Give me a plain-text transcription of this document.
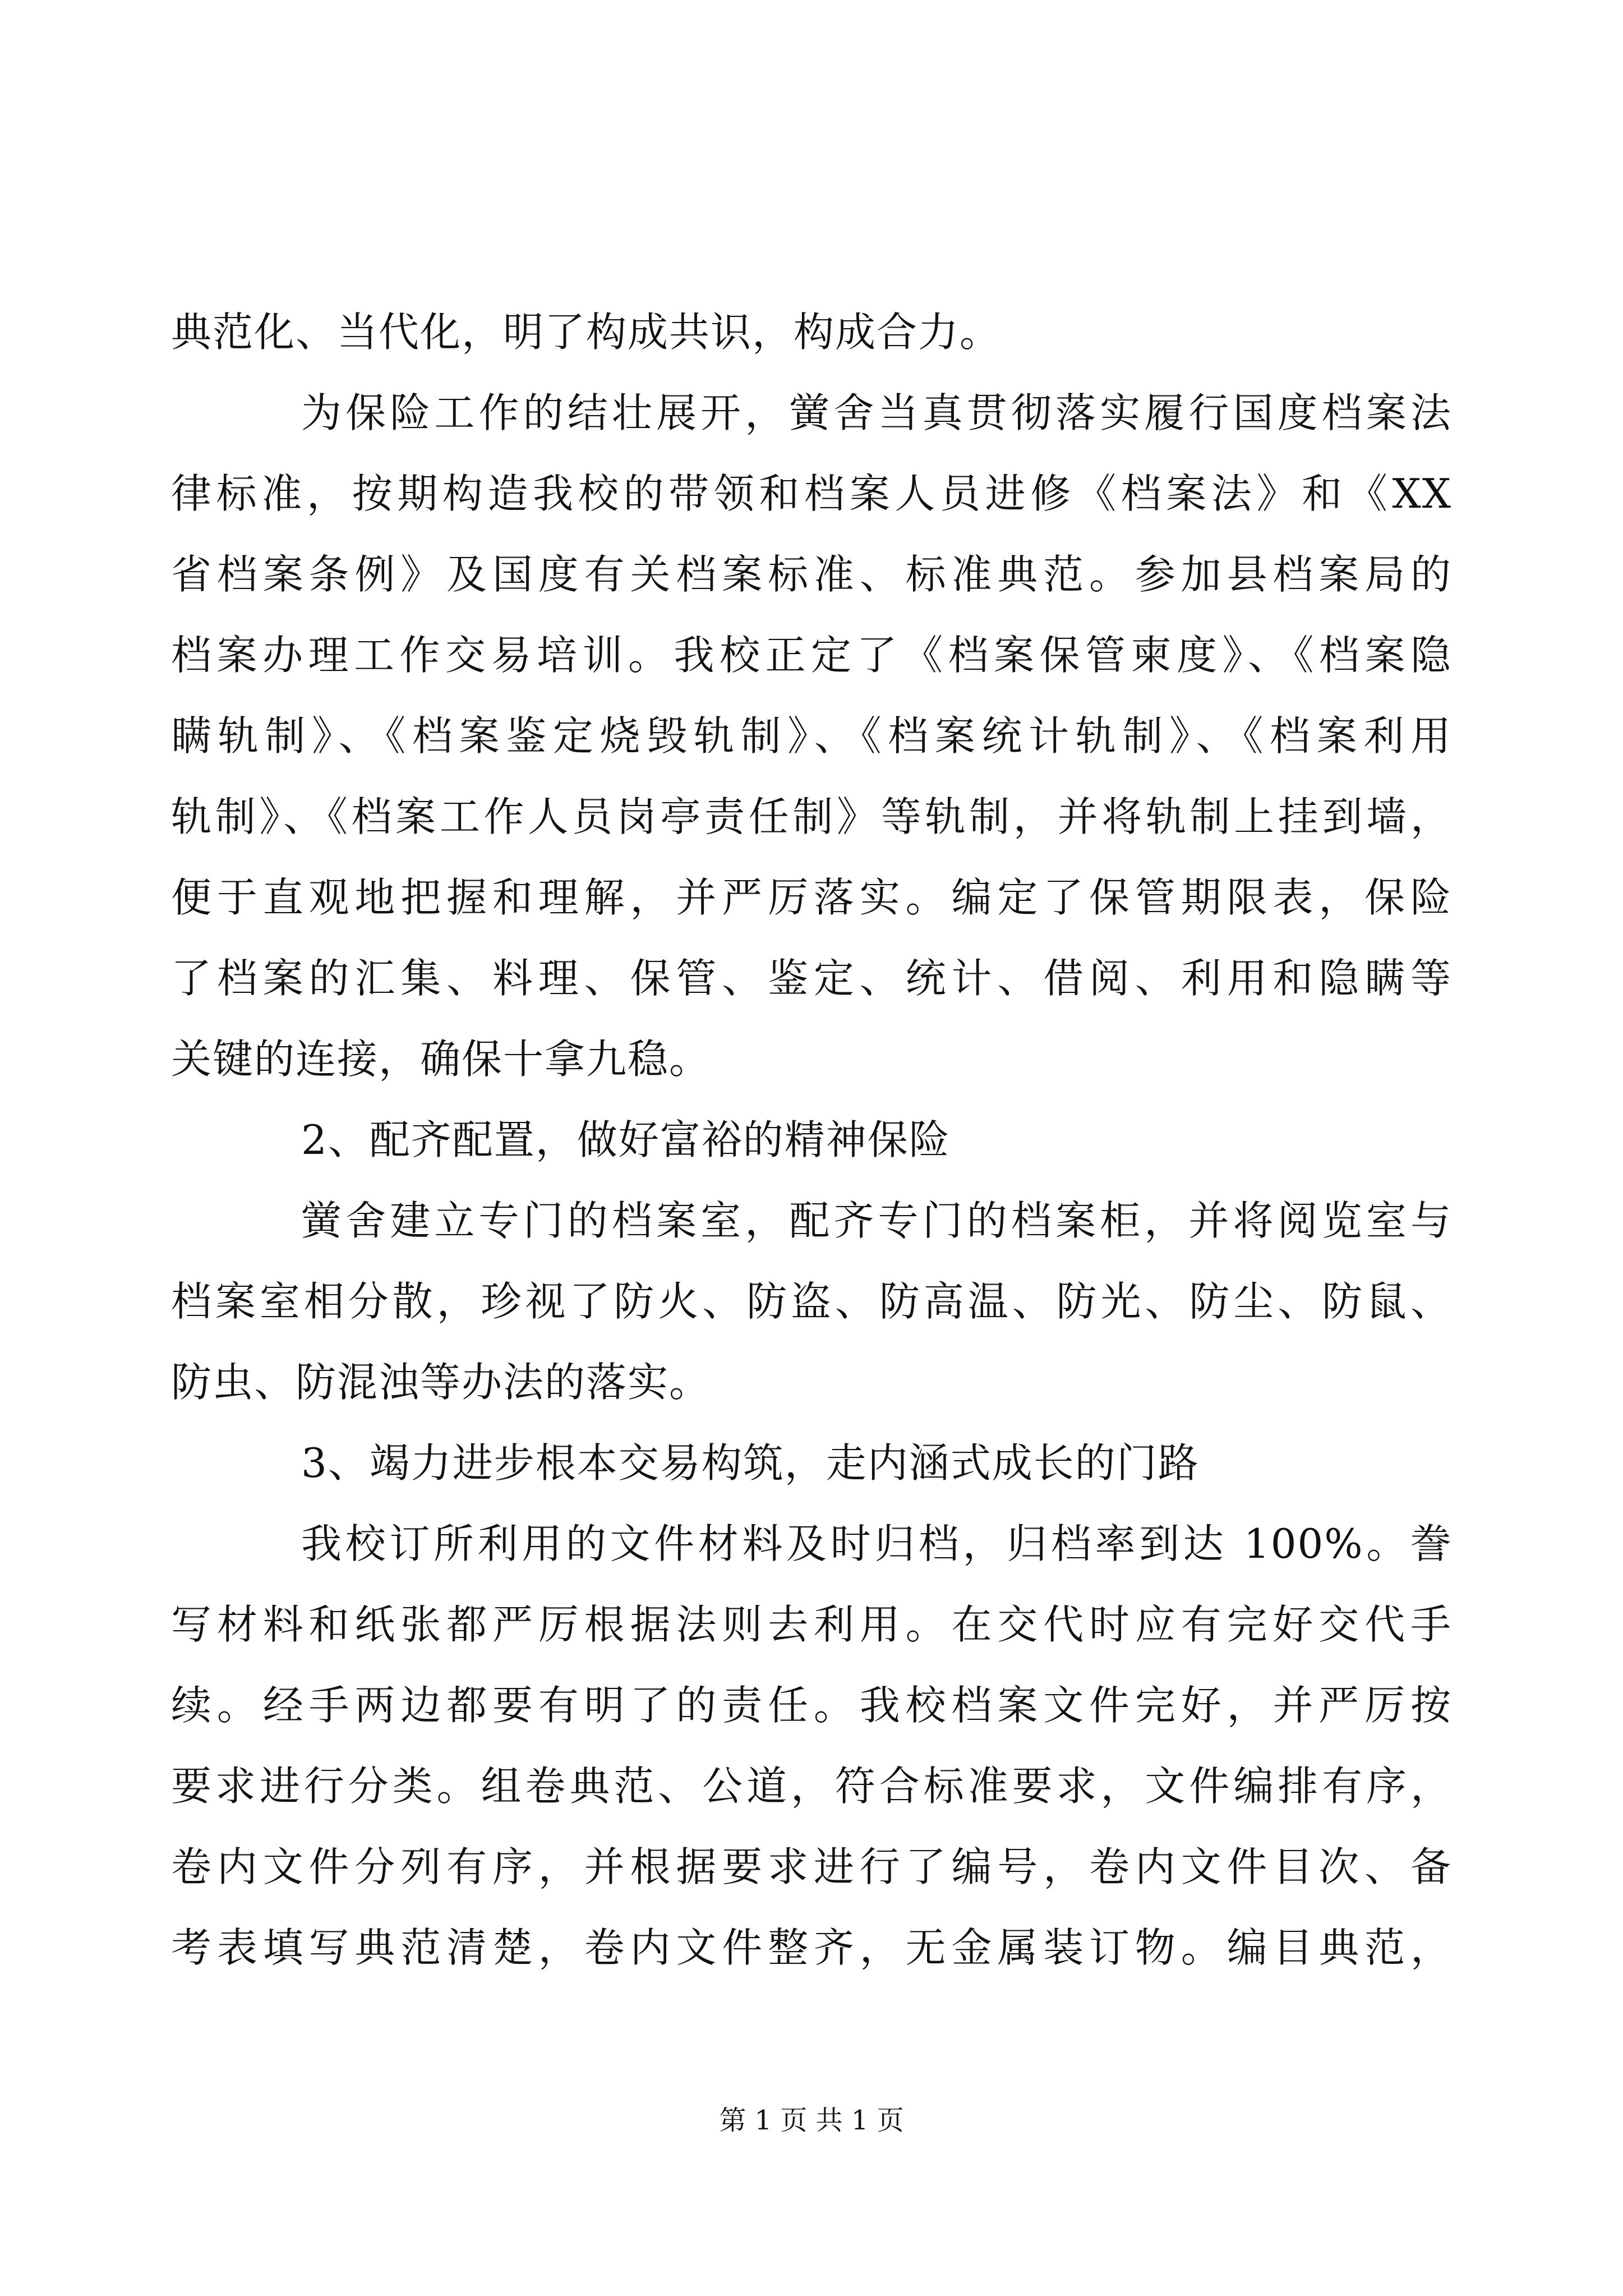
典范化、当代化，明了构成共识，构成合力。
为保险工作的结壮展开，黉舍当真贯彻落实履行国度档案法
律标准，按期构造我校的带领和档案人员进修《档案法》和《XX
省档案条例》及国度有关档案标准、标准典范。参加县档案局的
档案办理工作交易培训。我校正定了《档案保管柬度》、《档案隐
瞒轨制》、《档案鉴定烧毁轨制》、《档案统计轨制》、《档案利用
轨制》、《档案工作人员岗亭责任制》等轨制，并将轨制上挂到墙，
便于直观地把握和理解，并严厉落实。编定了保管期限表，保险
了档案的汇集、料理、保管、鉴定、统计、借阅、利用和隐瞒等
关键的连接，确保十拿九稳。
2、配齐配置，做好富裕的精神保险
黉舍建立专门的档案室，配齐专门的档案柜，并将阅览室与
档案室相分散，珍视了防火、防盗、防高温、防光、防尘、防鼠、
防虫、防混浊等办法的落实。
3、竭力进步根本交易构筑，走内涵式成长的门路
我校订所利用的文件材料及时归档，归档率到达 100%。誊
写材料和纸张都严厉根据法则去利用。在交代时应有完好交代手
续。经手两边都要有明了的责任。我校档案文件完好，并严厉按
要求进行分类。组卷典范、公道，符合标准要求，文件编排有序，
卷内文件分列有序，并根据要求进行了编号，卷内文件目次、备
考表填写典范清楚，卷内文件整齐，无金属装订物。编目典范，
第 1 页 共 1 页
